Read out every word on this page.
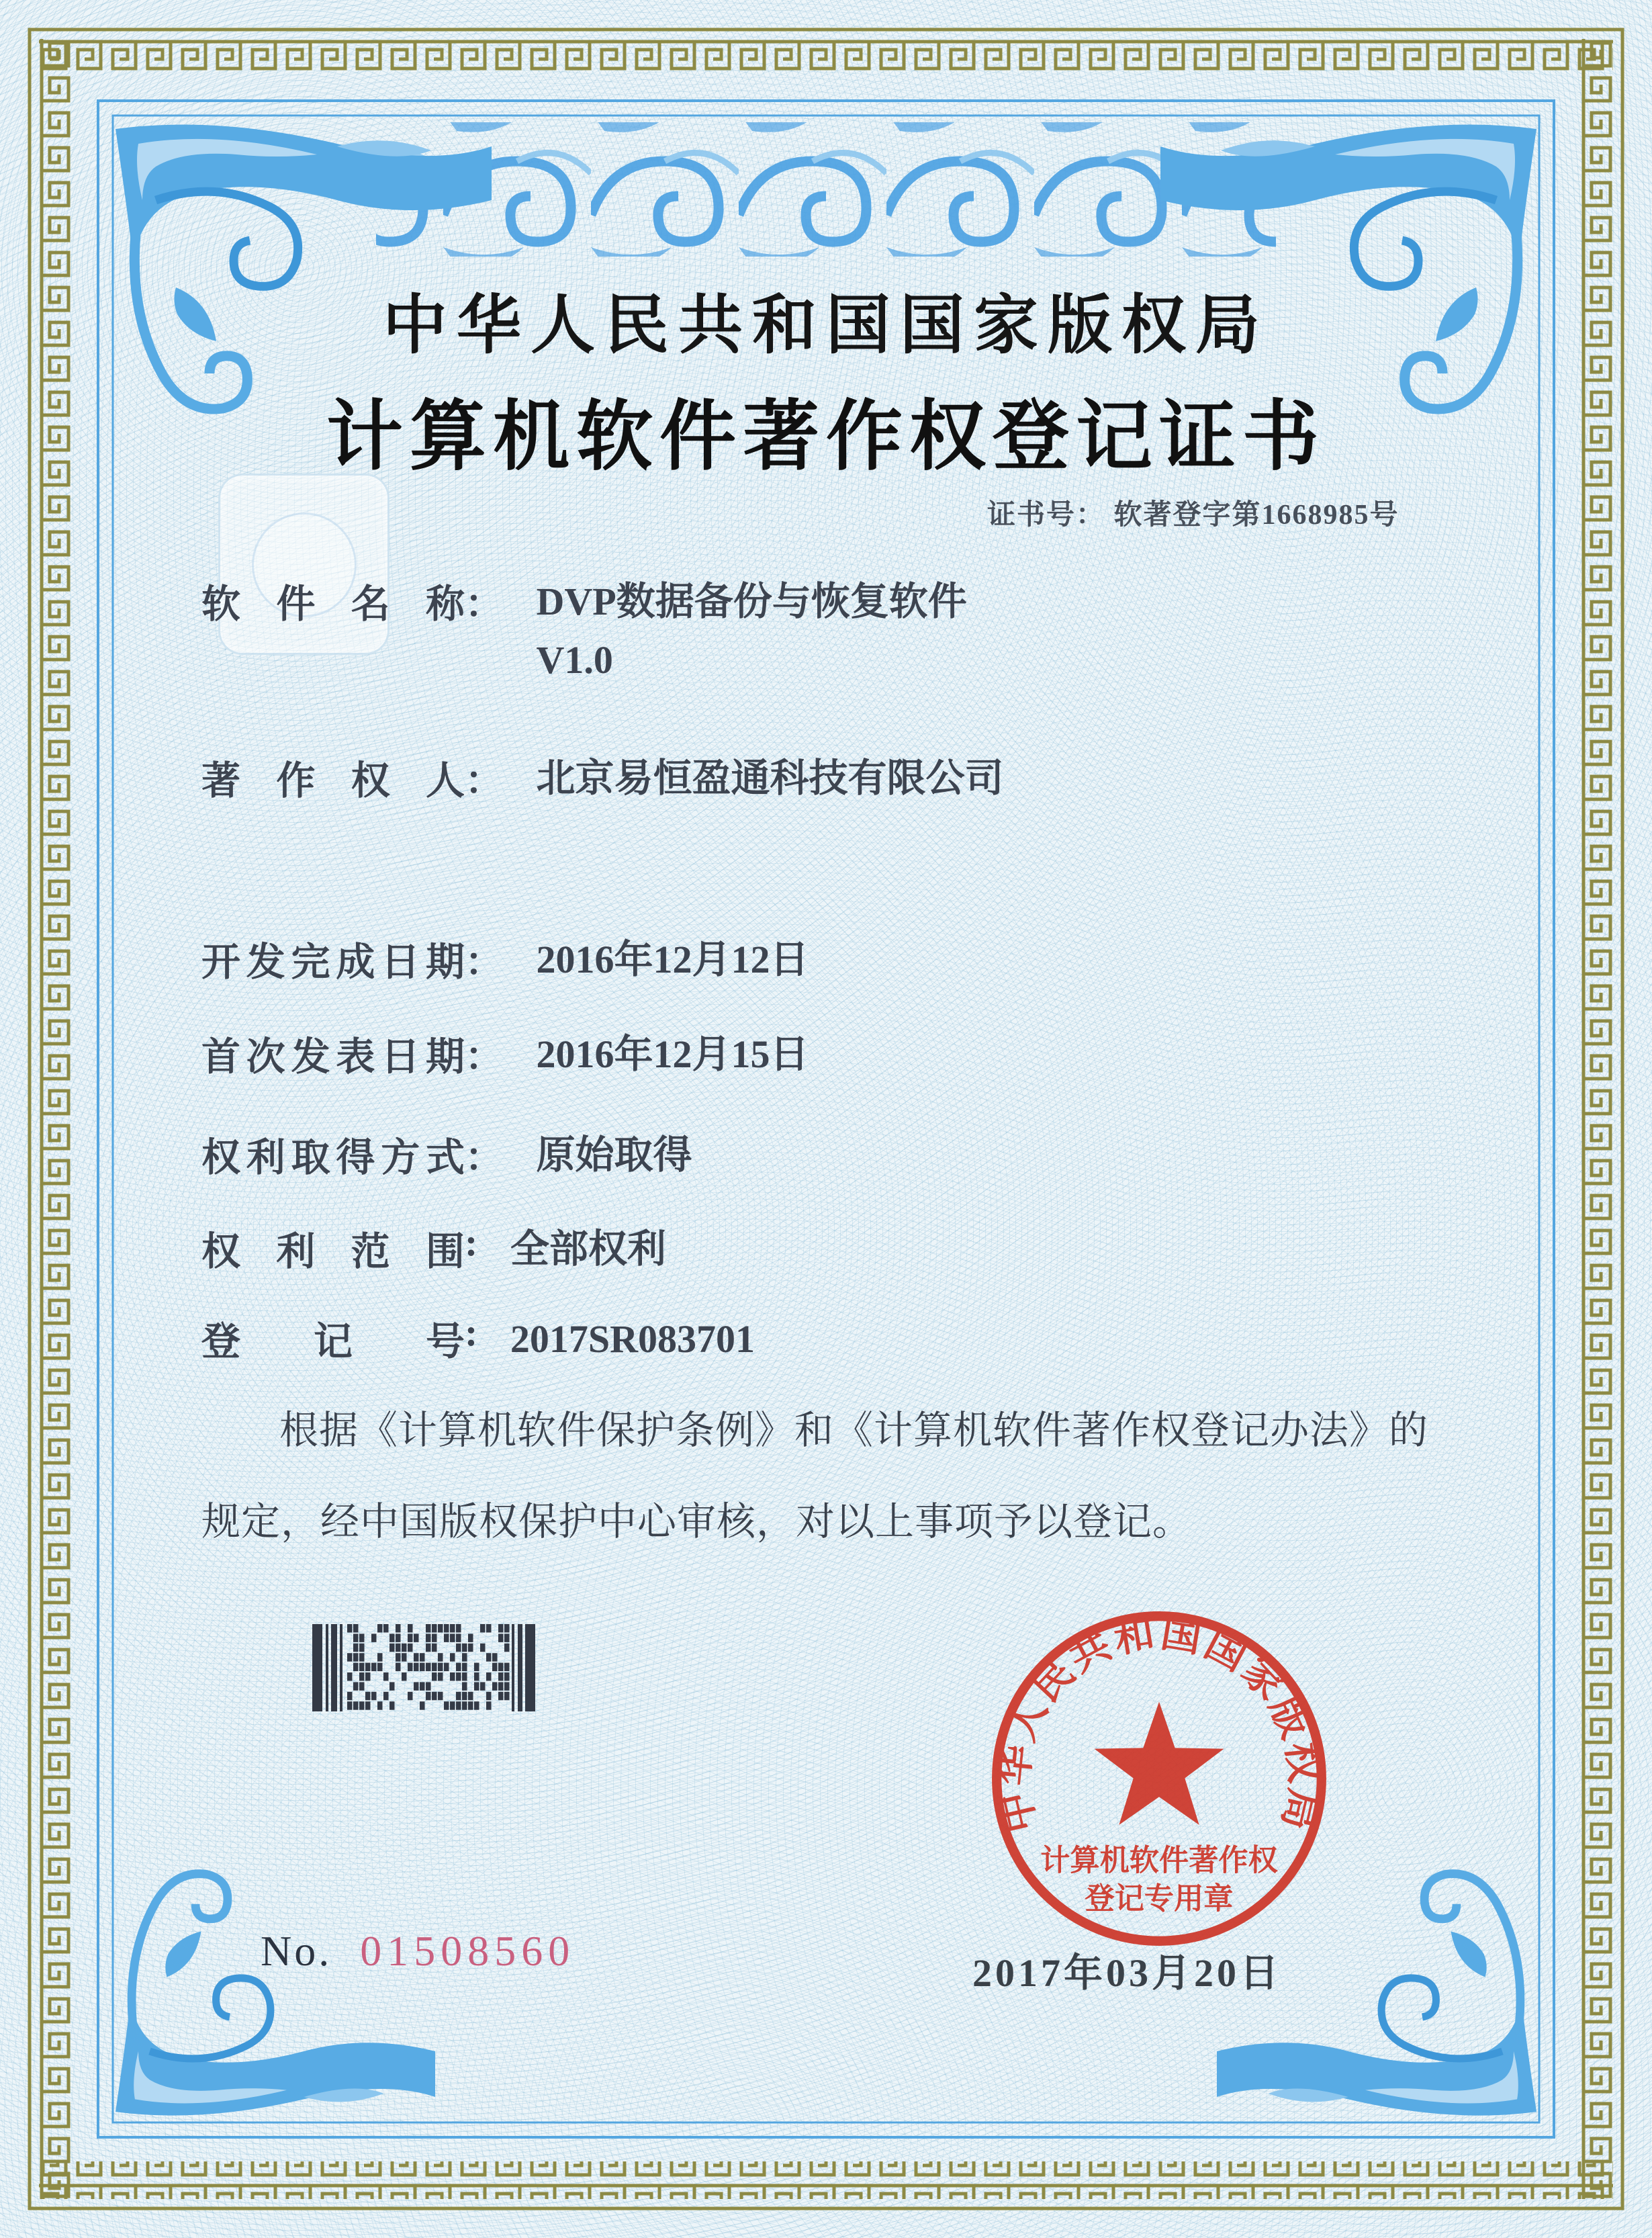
中华人民共和国国家版权局
计算机软件著作权登记证书
证书号： 软著登字第1668985号
软件名称： DVP数据备份与恢复软件
V1.0
著作权人： 北京易恒盈通科技有限公司
开发完成日期： 2016年12月12日
首次发表日期： 2016年12月15日
权利取得方式： 原始取得
权利范围: 全部权利
登记号: 2017SR083701
根据《计算机软件保护条例》和《计算机软件著作权登记办法》的
规定，经中国版权保护中心审核，对以上事项予以登记。
No. 01508560	2017年03月20日
中华人民共和国国家版权局
计算机软件著作权
登记专用章
